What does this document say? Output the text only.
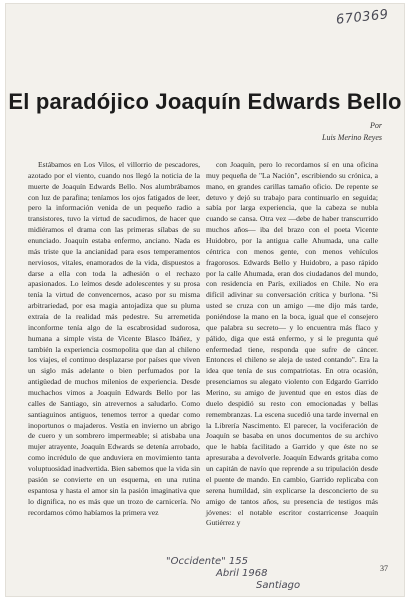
670369
El paradójico Joaquín Edwards Bello
Por
Luis Merino Reyes

Estábamos en Los Vilos, el villorrio de pescadores, azotado por el viento, cuando nos llegó la noticia de la muerte de Joaquín Edwards Bello. Nos alumbrábamos con luz de parafina; teníamos los ojos fatigados de leer, pero la información venida de un pequeño radio a transistores, tuvo la virtud de sacudirnos, de hacer que midiéramos el drama con las primeras sílabas de su enunciado. Joaquín estaba enfermo, anciano. Nada es más triste que la ancianidad para esos temperamentos nerviosos, vitales, enamorados de la vida, dispuestos a darse a ella con toda la adhesión o el rechazo apasionados. Lo leímos desde adolescentes y su prosa tenía la virtud de convencernos, acaso por su misma arbitrariedad, por esa magia antojadiza que su pluma extraía de la realidad más pedestre. Su arremetida inconforme tenía algo de la escabrosidad sudorosa, humana a simple vista de Vicente Blasco Ibáñez, y también la experiencia cosmopolita que dan al chileno los viajes, el continuo desplazarse por países que viven un siglo más adelante o bien perfumados por la antigüedad de muchos milenios de experiencia. Desde muchachos vimos a Joaquín Edwards Bello por las calles de Santiago, sin atrevernos a saludarlo. Como santiaguinos antiguos, tenemos terror a quedar como inoportunos o majaderos. Vestía en invierno un abrigo de cuero y un sombrero impermeable; si atisbaba una mujer atrayente, Joaquín Edwards se detenía arrobado, como incrédulo de que anduviera en movimiento tanta voluptuosidad inadvertida. Bien sabemos que la vida sin pasión se convierte en un esquema, en una rutina espantosa y hasta el amor sin la pasión imaginativa que lo dignifica, no es más que un trozo de carnicería. No recordamos cómo habíamos la primera vez

con Joaquín, pero lo recordamos sí en una oficina muy pequeña de "La Nación", escribiendo su crónica, a mano, en grandes carillas tamaño oficio. De repente se detuvo y dejó su trabajo para continuarlo en seguida; sabía por larga experiencia, que la cabeza se nubla cuando se cansa. Otra vez —debe de haber transcurrido muchos años— iba del brazo con el poeta Vicente Huidobro, por la antigua calle Ahumada, una calle céntrica con menos gente, con menos vehículos fragorosos. Edwards Bello y Huidobro, a paso rápido por la calle Ahumada, eran dos ciudadanos del mundo, con residencia en París, exiliados en Chile. No era difícil adivinar su conversación crítica y burlona. "Si usted se cruza con un amigo —me dijo más tarde, poniéndose la mano en la boca, igual que el consejero que palabra su secreto— y lo encuentra más flaco y pálido, diga que está enfermo, y si le pregunta qué enfermedad tiene, responda que sufre de cáncer. Entonces el chileno se aleja de usted contando". Era la idea que tenía de sus compatriotas. En otra ocasión, presenciamos su alegato violento con Edgardo Garrido Merino, su amigo de juventud que en estos días de duelo despidió su resto con emocionadas y bellas remembranzas. La escena sucedió una tarde invernal en la Librería Nascimento. El parecer, la vociferación de Joaquín se basaba en unos documentos de su archivo que le había facilitado a Garrido y que éste no se apresuraba a devolverle. Joaquín Edwards gritaba como un capitán de navío que reprende a su tripulación desde el puente de mando. En cambio, Garrido replicaba con serena humildad, sin explicarse la desconcierto de su amigo de tantos años, su presencia de testigos más jóvenes: el notable escritor costarricense Joaquín Gutiérrez y

"Occidente" 155
Abril 1968
Santiago
37
